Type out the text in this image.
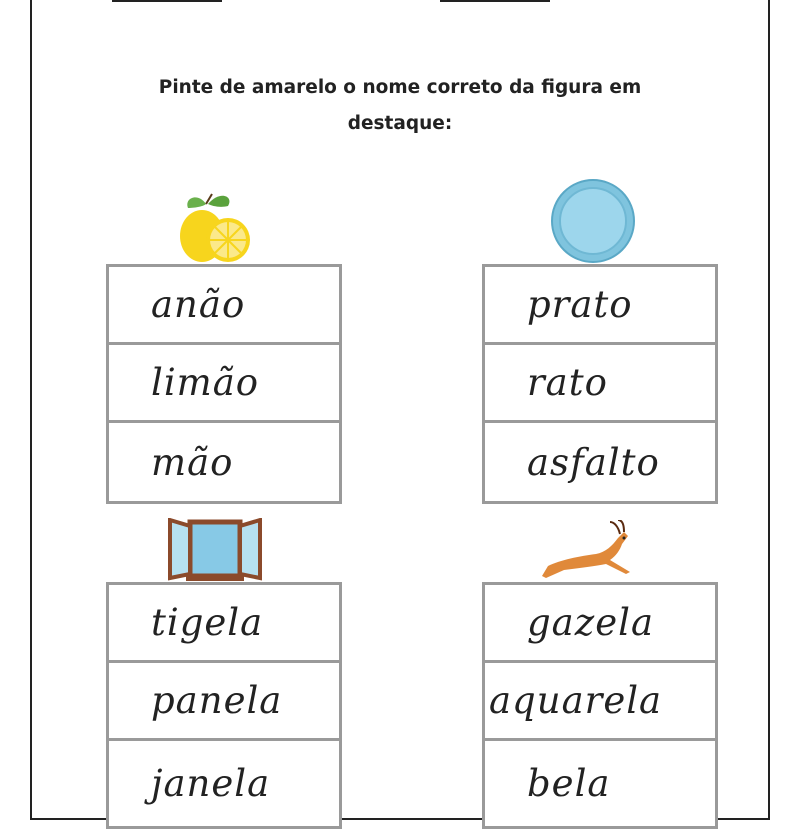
Pinte de amarelo o nome correto da figura em
destaque:
anão
limão
mão
prato
rato
asfalto
tigela
panela
janela
gazela
aquarela
bela
